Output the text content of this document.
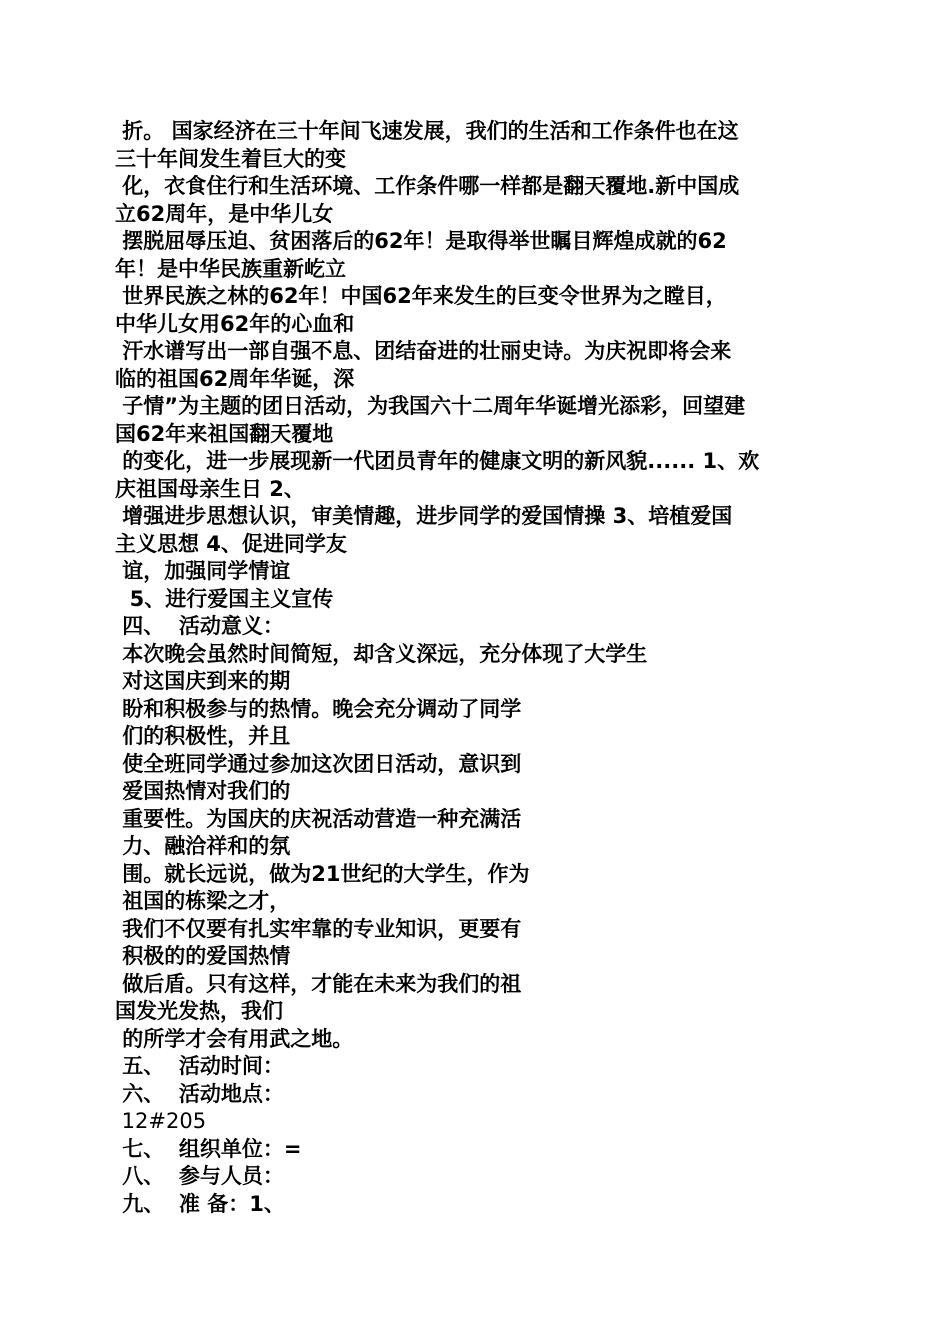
折。 国家经济在三十年间飞速发展，我们的生活和工作条件也在这
三十年间发生着巨大的变
化，衣食住行和生活环境、工作条件哪一样都是翻天覆地.新中国成
立62周年，是中华儿女
摆脱屈辱压迫、贫困落后的62年！是取得举世瞩目辉煌成就的62
年！是中华民族重新屹立
世界民族之林的62年！中国62年来发生的巨变令世界为之瞠目，
中华儿女用62年的心血和
汗水谱写出一部自强不息、团结奋进的壮丽史诗。为庆祝即将会来
临的祖国62周年华诞，深
子情”为主题的团日活动，为我国六十二周年华诞增光添彩，回望建
国62年来祖国翻天覆地
的变化，进一步展现新一代团员青年的健康文明的新风貌...... 1、欢
庆祖国母亲生日 2、
增强进步思想认识，审美情趣，进步同学的爱国情操 3、培植爱国
主义思想 4、促进同学友
谊，加强同学情谊
5、进行爱国主义宣传
四、  活动意义：
本次晚会虽然时间简短，却含义深远，充分体现了大学生
对这国庆到来的期
盼和积极参与的热情。晚会充分调动了同学
们的积极性，并且
使全班同学通过参加这次团日活动，意识到
爱国热情对我们的
重要性。为国庆的庆祝活动营造一种充满活
力、融洽祥和的氛
围。就长远说，做为21世纪的大学生，作为
祖国的栋梁之才，
我们不仅要有扎实牢靠的专业知识，更要有
积极的的爱国热情
做后盾。只有这样，才能在未来为我们的祖
国发光发热，我们
的所学才会有用武之地。
五、  活动时间：
六、  活动地点：
12#205
七、  组织单位：=
八、  参与人员：
九、  准 备：1、
